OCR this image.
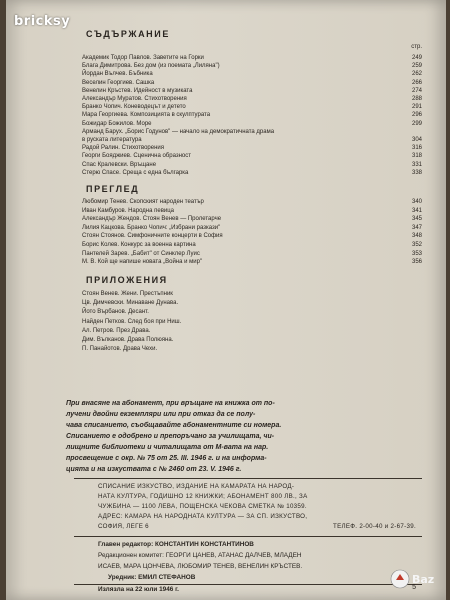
bricksy
СЪДЪРЖАНИЕ
стр.
Академик Тодор Павлов. Заветите на Горки	249
Блага Димитрова. Без дом (из поемата „Лиляна")	259
Йордан Вълчев. Бъбника	262
Веселин Георгиев. Сашка	266
Венелин Кръстев. Идейност в музиката	274
Александър Муратов. Стихотворения	288
Бранко Чопич. Коневодецът и детето	291
Мара Георгиева. Композицията в скулптурата	296
Божидар Божилов. Море	299
Арманд Барух. „Борис Годунов" — начало на демократичната драма
в руската литература	304
Радой Ралин. Стихотворения	316
Георги Бояджиев. Сценична образност	318
Спас Кралевски. Връщане	331
Стерю Спасе. Среща с една българка	338
ПРЕГЛЕД
Любомир Тенев. Скопският народен театър	340
Иван Камбуров. Народна певица	341
Александър Жендов. Стоян Венев — Пролетарче	345
Лилия Кацкова. Бранко Чопич: „Избрани разкази"	347
Стоян Стоянов. Симфоничните концерти в София	348
Борис Колев. Конкурс за военна картина	352
Пантелей Зарев. „Бабит" от Синклер Луис	353
М. В. Кой ще напише новата „Война и мир"	356
ПРИЛОЖЕНИЯ
Стоян Венев. Жени. Престъпник
Цв. Димчевски. Минаване Дунава.
Йото Върбанов. Десант.
Найден Петков. След боя при Ниш.
Ал. Петров. През Драва.
Дим. Вълканов. Драва Полюяна.
П. Панайотов. Драва Чехи.
При внасяне на абонамент, при връщане на книжка от по-
лучени двойни екземпляри или при отказ да се полу-
чава списанието, съобщавайте абонаментните си номера.
Списанието е одобрено и препоръчано за училищата, чи-
лищните библиотеки и читалищата от М-вата на нар.
просвещение с окр. № 75 от 25. III. 1946 г. и на информа-
цията и на изкуствата с № 2460 от 23. V. 1946 г.
СПИСАНИЕ ИЗКУСТВО, ИЗДАНИЕ НА КАМАРАТА НА НАРОД-
НАТА КУЛТУРА, ГОДИШНО 12 КНИЖКИ; АБОНАМЕНТ 800 ЛВ., ЗА
ЧУЖБИНА — 1100 ЛЕВА, ПОЩЕНСКА ЧЕКОВА СМЕТКА № 10359.
АДРЕС: КАМАРА НА НАРОДНАТА КУЛТУРА — ЗА СП. ИЗКУСТВО,
СОФИЯ, ЛЕГЕ 6	ТЕЛЕФ. 2-00-40 и 2-67-39.
Главен редактор: КОНСТАНТИН КОНСТАНТИНОВ
Редакционен комитет: ГЕОРГИ ЦАНЕВ, АТАНАС ДАЛЧЕВ, МЛАДЕН
ИСАЕВ, МАРА ЦОНЧЕВА, ЛЮБОМИР ТЕНЕВ, ВЕНЕЛИН КРЪСТЕВ.
Уредник: ЕМИЛ СТЕФАНОВ
Излязла на 22 юли 1946 г.	5
Baz
